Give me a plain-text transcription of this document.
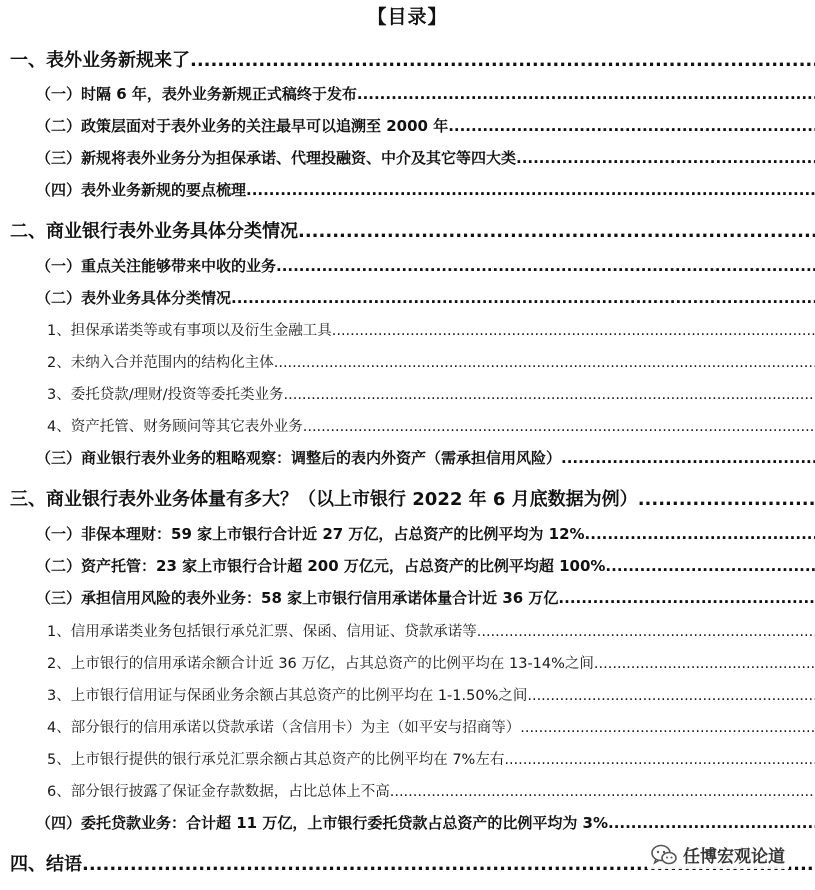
【目录】
一、表外业务新规来了
.....
（一）时隔 6 年，表外业务新规正式稿终于发布
.....
（二）政策层面对于表外业务的关注最早可以追溯至 2000 年
.....
（三）新规将表外业务分为担保承诺、代理投融资、中介及其它等四大类
.....
（四）表外业务新规的要点梳理
.....
二、商业银行表外业务具体分类情况
.....
（一）重点关注能够带来中收的业务
.....
（二）表外业务具体分类情况
.....
1、担保承诺类等或有事项以及衍生金融工具
.....
2、未纳入合并范围内的结构化主体
.....
3、委托贷款/理财/投资等委托类业务
.....
4、资产托管、财务顾问等其它表外业务
.....
（三）商业银行表外业务的粗略观察：调整后的表内外资产（需承担信用风险）
.....
三、商业银行表外业务体量有多大？（以上市银行 2022 年 6 月底数据为例）
.....
（一）非保本理财：59 家上市银行合计近 27 万亿，占总资产的比例平均为 12%
.....
（二）资产托管：23 家上市银行合计超 200 万亿元，占总资产的比例平均超 100%
.....
（三）承担信用风险的表外业务：58 家上市银行信用承诺体量合计近 36 万亿
.....
1、信用承诺类业务包括银行承兑汇票、保函、信用证、贷款承诺等
.....
2、上市银行的信用承诺余额合计近 36 万亿，占其总资产的比例平均在 13-14%之间
.....
3、上市银行信用证与保函业务余额占其总资产的比例平均在 1-1.50%之间
.....
4、部分银行的信用承诺以贷款承诺（含信用卡）为主（如平安与招商等）
.....
5、上市银行提供的银行承兑汇票余额占其总资产的比例平均在 7%左右
.....
6、部分银行披露了保证金存款数据，占比总体上不高
.....
（四）委托贷款业务：合计超 11 万亿，上市银行委托贷款占总资产的比例平均为 3%
.....
四、结语
.....	任博宏观论道
